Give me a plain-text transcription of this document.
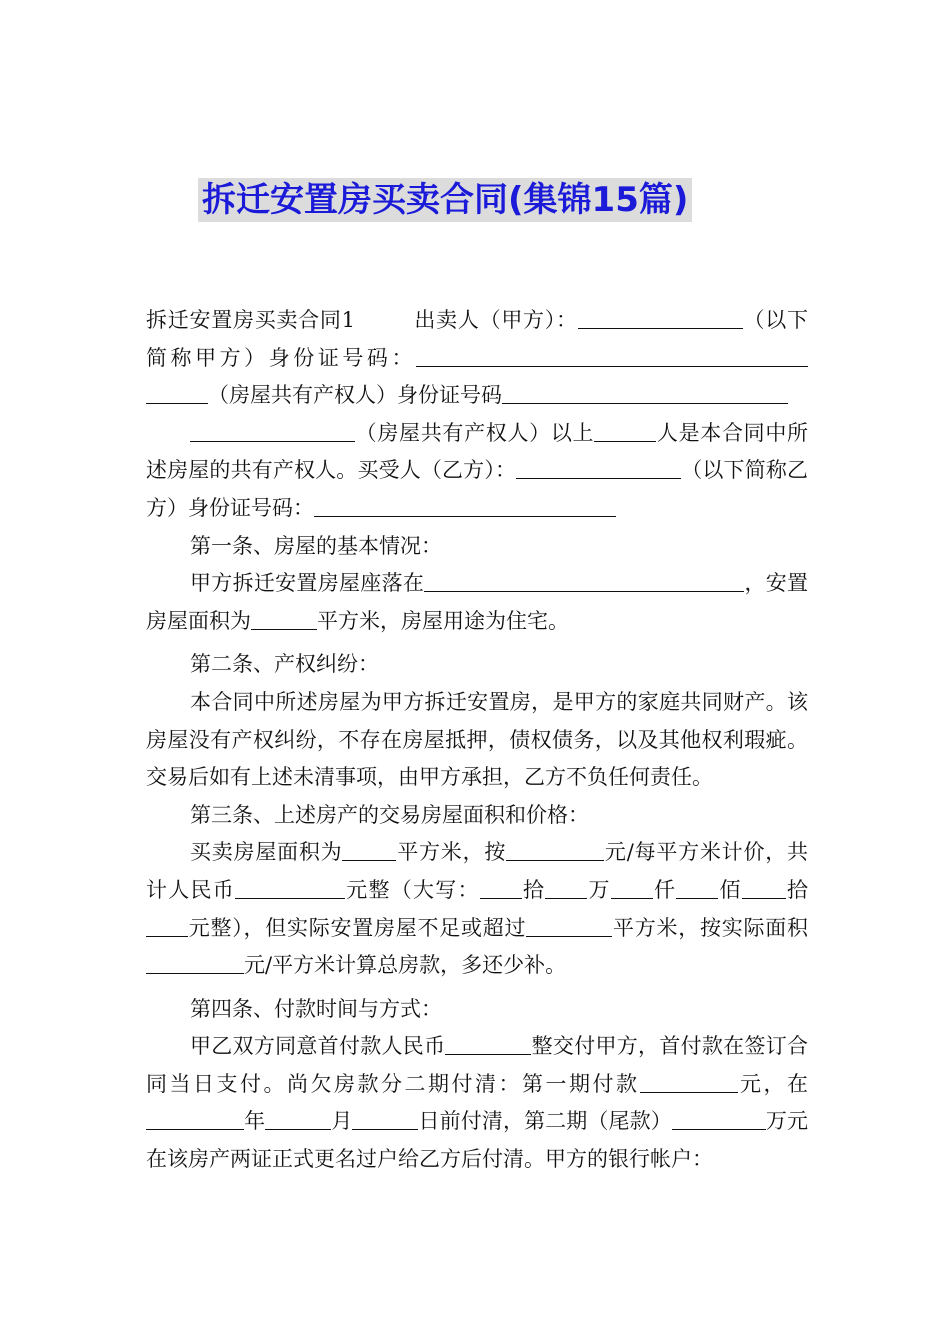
拆迁安置房买卖合同(集锦15篇)

拆迁安置房买卖合同1	出卖人（甲方）：	（以下简称甲方）身份证号码：（房屋共有产权人）身份证号码

（房屋共有产权人）以上	人是本合同中所述房屋的共有产权人。买受人（乙方）：	（以下简称乙方）身份证号码：

第一条、房屋的基本情况：

甲方拆迁安置房屋座落在	，安置房屋面积为	平方米，房屋用途为住宅。

第二条、产权纠纷：

本合同中所述房屋为甲方拆迁安置房，是甲方的家庭共同财产。该房屋没有产权纠纷，不存在房屋抵押，债权债务，以及其他权利瑕疵。交易后如有上述未清事项，由甲方承担，乙方不负任何责任。

第三条、上述房产的交易房屋面积和价格：

买卖房屋面积为	平方米，按	元/每平方米计价，共计人民币	元整（大写： 拾 万 仟 佰 拾元整），但实际安置房屋不足或超过	平方米，按实际面积元/平方米计算总房款，多还少补。

第四条、付款时间与方式：

甲乙双方同意首付款人民币	整交付甲方，首付款在签订合同当日支付。尚欠房款分二期付清：第一期付款	元，在年	月	日前付清，第二期（尾款）	万元在该房产两证正式更名过户给乙方后付清。甲方的银行帐户：
